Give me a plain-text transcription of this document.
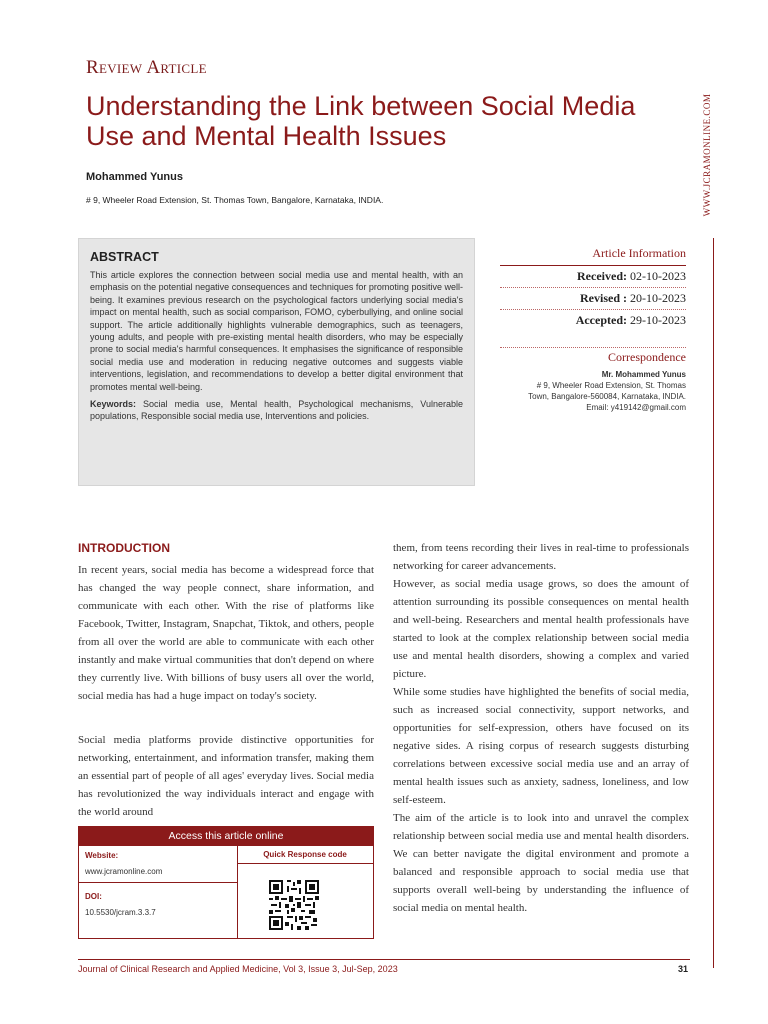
Review Article
Understanding the Link between Social Media Use and Mental Health Issues
Mohammed Yunus
# 9, Wheeler Road Extension, St. Thomas Town, Bangalore, Karnataka, INDIA.	WWW.JCRAMONLINE.COM
ABSTRACT
This article explores the connection between social media use and mental health, with an emphasis on the potential negative consequences and techniques for promoting positive well-being. It examines previous research on the psychological factors underlying social media's impact on mental health, such as social comparison, FOMO, cyberbullying, and online social support. The article additionally highlights vulnerable demographics, such as teenagers, young adults, and people with pre-existing mental health disorders, who may be especially prone to social media's harmful consequences. It emphasises the significance of responsible social media use and moderation in reducing negative outcomes and suggests viable interventions, legislation, and recommendations to develop a better digital environment that promotes mental well-being.
Keywords: Social media use, Mental health, Psychological mechanisms, Vulnerable populations, Responsible social media use, Interventions and policies.
Article Information
Received: 02-10-2023
Revised : 20-10-2023
Accepted: 29-10-2023
Correspondence
Mr. Mohammed Yunus
# 9, Wheeler Road Extension, St. Thomas
Town, Bangalore-560084, Karnataka, INDIA.
Email: y419142@gmail.com
INTRODUCTION

In recent years, social media has become a widespread force that has changed the way people connect, share information, and communicate with each other. With the rise of platforms like Facebook, Twitter, Instagram, Snapchat, Tiktok, and others, people from all over the world are able to communicate with each other instantly and make virtual communities that don't depend on where they currently live. With billions of busy users all over the world, social media has had a huge impact on today's society.

Social media platforms provide distinctive opportunities for networking, entertainment, and information transfer, making them an essential part of people of all ages' everyday lives. Social media has revolutionized the way individuals interact and engage with the world around

them, from teens recording their lives in real-time to professionals networking for career advancements.

However, as social media usage grows, so does the amount of attention surrounding its possible consequences on mental health and well-being. Researchers and mental health professionals have started to look at the complex relationship between social media use and mental health disorders, showing a complex and varied picture.

While some studies have highlighted the benefits of social media, such as increased social connectivity, support networks, and opportunities for self-expression, others have focused on its negative sides. A rising corpus of research suggests disturbing correlations between excessive social media use and an array of mental health issues such as anxiety, sadness, loneliness, and low self-esteem.

The aim of the article is to look into and unravel the complex relationship between social media use and mental health disorders. We can better navigate the digital environment and promote a balanced and responsible approach to social media use that supports overall well-being by understanding the influence of social media on mental health.

Access this article online
Website:
www.jcramonline.com
DOI:
10.5530/jcram.3.3.7
Quick Response code
Journal of Clinical Research and Applied Medicine, Vol 3, Issue 3, Jul-Sep, 2023	31
